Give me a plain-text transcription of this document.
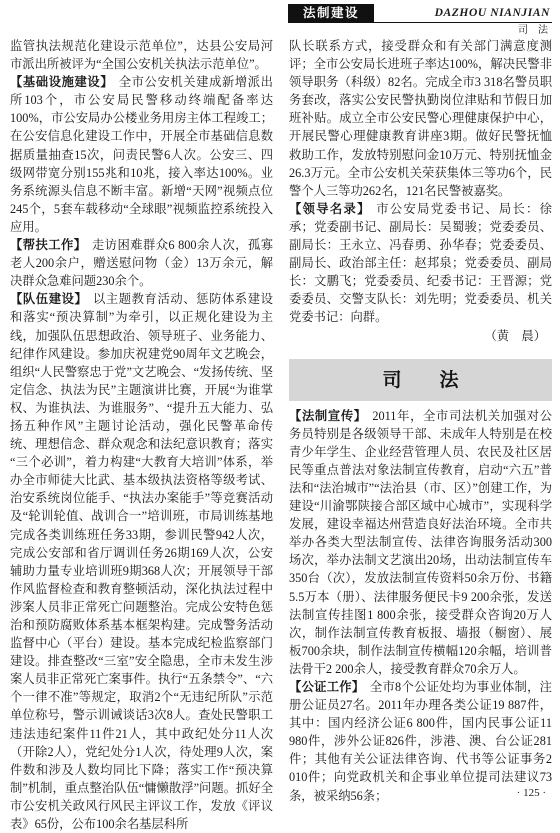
法制建设	DAZHOU NIANJIAN
司　法

监管执法规范化建设示范单位”，达县公安局河市派出所被评为“全国公安机关执法示范单位”。

【基础设施建设】 全市公安机关建成新增派出所103个，市公安局民警移动终端配备率达100%，市公安局办公楼业务用房主体工程竣工；在公安信息化建设工作中，开展全市基础信息数据质量抽查15次，问责民警6人次。公安三、四级网带宽分别155兆和10兆，接入率达100%。业务系统源头信息不断丰富。新增“天网”视频点位245个，5套车载移动“全球眼”视频监控系统投入应用。

【帮扶工作】 走访困难群众6 800余人次，孤寡老人200余户，赠送慰问物（金）13万余元，解决群众急难问题230余个。

【队伍建设】 以主题教育活动、惩防体系建设和落实“预决算制”为牵引，以正规化建设为主线，加强队伍思想政治、领导班子、业务能力、纪律作风建设。参加庆祝建党90周年文艺晚会，组织“人民警察忠于党”文艺晚会、“发扬传统、坚定信念、执法为民”主题演讲比赛，开展“为谁掌权、为谁执法、为谁服务”、“提升五大能力、弘扬五种作风”主题讨论活动，强化民警革命传统、理想信念、群众观念和法纪意识教育；落实“三个必训”，着力构建“大教育大培训”体系，举办全市师徒大比武、基本级执法资格等级考试、治安系统岗位能手、“执法办案能手”等竞赛活动及“轮训轮值、战训合一”培训班，市局训练基地完成各类训练班任务33期，参训民警942人次，完成公安部和省厅调训任务26期169人次，公安辅助力量专业培训班9期368人次；开展领导干部作风监督检查和教育整顿活动，深化执法过程中涉案人员非正常死亡问题整治。完成公安特色惩治和预防腐败体系基本框架构建。完成警务活动监督中心（平台）建设。基本完成纪检监察部门建设。排查整改“三室”安全隐患，全市未发生涉案人员非正常死亡案事件。执行“五条禁令”、“六个一律不准”等规定，取消2个“无违纪所队”示范单位称号，警示训诫谈话3次8人。查处民警职工违法违纪案件11件21人，其中政纪处分11人次（开除2人），党纪处分1人次，待处理9人次，案件数和涉及人数均同比下降；落实工作“预决算制”机制，重点整治队伍“慵懒散浮”问题。抓好全市公安机关政风行风民主评议工作，发放《评议表》65份，公布100余名基层科所

队长联系方式，接受群众和有关部门满意度测评；全市公安局长进班子率达100%，解决民警非领导职务（科级）82名。完成全市3 318名警员职务套改，落实公安民警执勤岗位津贴和节假日加班补贴。成立全市公安民警心理健康保护中心，开展民警心理健康教育讲座3期。做好民警抚恤救助工作，发放特别慰问金10万元、特别抚恤金26.3万元。全市公安机关荣获集体三等功6个，民警个人三等功262名，121名民警被嘉奖。

【领导名录】 市公安局党委书记、局长：徐承；党委副书记、副局长：吴蜀骏；党委委员、副局长：王永立、冯春勇、孙华春；党委委员、副局长、政治部主任：赵邦泉；党委委员、副局长：文鹏飞；党委委员、纪委书记：王晋源；党委委员、交警支队长：刘先明；党委委员、机关党委书记：向群。

（黄　晨）

司　　法

【法制宣传】 2011年，全市司法机关加强对公务员特别是各级领导干部、未成年人特别是在校青少年学生、企业经营管理人员、农民及社区居民等重点普法对象法制宣传教育，启动“六五”普法和“法治城市”“法治县（市、区）”创建工作，为建设“川渝鄂陕接合部区域中心城市”，实现科学发展，建设幸福达州营造良好法治环境。全市共举办各类大型法制宣传、法律咨询服务活动300场次，举办法制文艺演出20场，出动法制宣传车350台（次），发放法制宣传资料50余万份、书籍5.5万本（册）、法律服务便民卡9 200余张，发送法制宣传挂图1 800余张，接受群众咨询20万人次，制作法制宣传教育板报、墙报（橱窗）、展板700余块，制作法制宣传横幅120余幅，培训普法骨干2 200余人，接受教育群众70余万人。

【公证工作】 全市8个公证处均为事业体制，注册公证员27名。2011年办理各类公证19 887件，其中：国内经济公证6 800件，国内民事公证11 980件，涉外公证826件，涉港、澳、台公证281件；其他有关公证法律咨询、代书等公证事务2 010件；向党政机关和企事业单位提司法建议73条，被采纳56条；	· 125 ·
